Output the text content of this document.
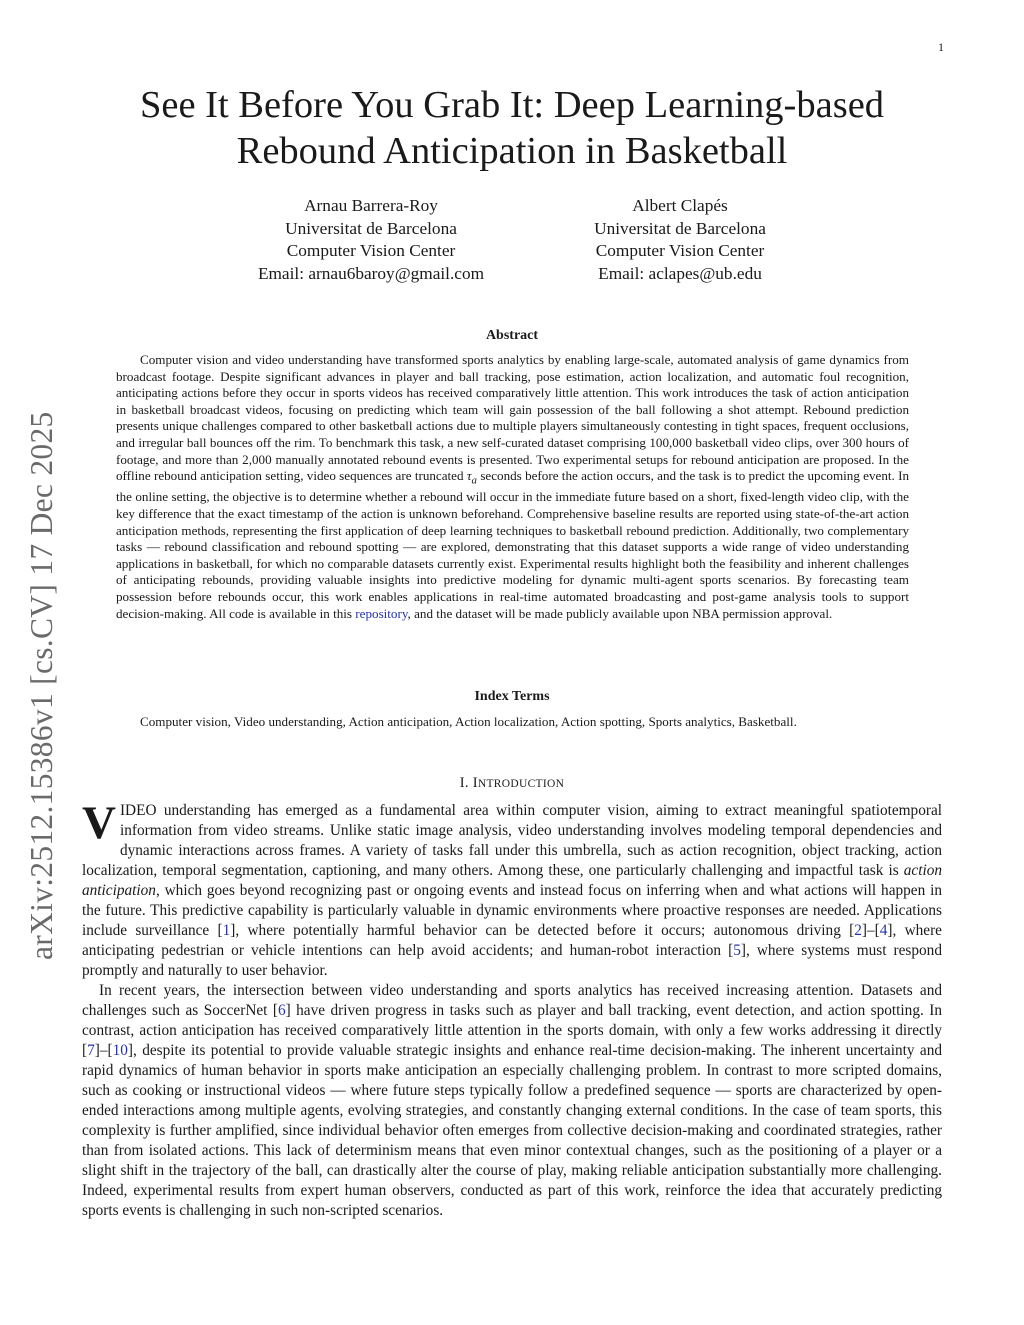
1
arXiv:2512.15386v1 [cs.CV] 17 Dec 2025
See It Before You Grab It: Deep Learning-based
Rebound Anticipation in Basketball
Arnau Barrera-Roy
Universitat de Barcelona
Computer Vision Center
Email: arnau6baroy@gmail.com
Albert Clapés
Universitat de Barcelona
Computer Vision Center
Email: aclapes@ub.edu
Abstract

Computer vision and video understanding have transformed sports analytics by enabling large-scale, automated analysis of game dynamics from broadcast footage. Despite significant advances in player and ball tracking, pose estimation, action localization, and automatic foul recognition, anticipating actions before they occur in sports videos has received comparatively little attention. This work introduces the task of action anticipation in basketball broadcast videos, focusing on predicting which team will gain possession of the ball following a shot attempt. Rebound prediction presents unique challenges compared to other basketball actions due to multiple players simultaneously contesting in tight spaces, frequent occlusions, and irregular ball bounces off the rim. To benchmark this task, a new self-curated dataset comprising 100,000 basketball video clips, over 300 hours of footage, and more than 2,000 manually annotated rebound events is presented. Two experimental setups for rebound anticipation are proposed. In the offline rebound anticipation setting, video sequences are truncated $\tau_a$ seconds before the action occurs, and the task is to predict the upcoming event. In the online setting, the objective is to determine whether a rebound will occur in the immediate future based on a short, fixed-length video clip, with the key difference that the exact timestamp of the action is unknown beforehand. Comprehensive baseline results are reported using state-of-the-art action anticipation methods, representing the first application of deep learning techniques to basketball rebound prediction. Additionally, two complementary tasks — rebound classification and rebound spotting — are explored, demonstrating that this dataset supports a wide range of video understanding applications in basketball, for which no comparable datasets currently exist. Experimental results highlight both the feasibility and inherent challenges of anticipating rebounds, providing valuable insights into predictive modeling for dynamic multi-agent sports scenarios. By forecasting team possession before rebounds occur, this work enables applications in real-time automated broadcasting and post-game analysis tools to support decision-making. All code is available in this repository, and the dataset will be made publicly available upon NBA permission approval.

Index Terms

Computer vision, Video understanding, Action anticipation, Action localization, Action spotting, Sports analytics, Basketball.

I. INTRODUCTION

VIDEO understanding has emerged as a fundamental area within computer vision, aiming to extract meaningful spatiotemporal information from video streams. Unlike static image analysis, video understanding involves modeling temporal dependencies and dynamic interactions across frames. A variety of tasks fall under this umbrella, such as action recognition, object tracking, action localization, temporal segmentation, captioning, and many others. Among these, one particularly challenging and impactful task is action anticipation, which goes beyond recognizing past or ongoing events and instead focus on inferring when and what actions will happen in the future. This predictive capability is particularly valuable in dynamic environments where proactive responses are needed. Applications include surveillance [1], where potentially harmful behavior can be detected before it occurs; autonomous driving [2]–[4], where anticipating pedestrian or vehicle intentions can help avoid accidents; and human-robot interaction [5], where systems must respond promptly and naturally to user behavior.

In recent years, the intersection between video understanding and sports analytics has received increasing attention. Datasets and challenges such as SoccerNet [6] have driven progress in tasks such as player and ball tracking, event detection, and action spotting. In contrast, action anticipation has received comparatively little attention in the sports domain, with only a few works addressing it directly [7]–[10], despite its potential to provide valuable strategic insights and enhance real-time decision-making. The inherent uncertainty and rapid dynamics of human behavior in sports make anticipation an especially challenging problem. In contrast to more scripted domains, such as cooking or instructional videos — where future steps typically follow a predefined sequence — sports are characterized by open-ended interactions among multiple agents, evolving strategies, and constantly changing external conditions. In the case of team sports, this complexity is further amplified, since individual behavior often emerges from collective decision-making and coordinated strategies, rather than from isolated actions. This lack of determinism means that even minor contextual changes, such as the positioning of a player or a slight shift in the trajectory of the ball, can drastically alter the course of play, making reliable anticipation substantially more challenging. Indeed, experimental results from expert human observers, conducted as part of this work, reinforce the idea that accurately predicting sports events is challenging in such non-scripted scenarios.
